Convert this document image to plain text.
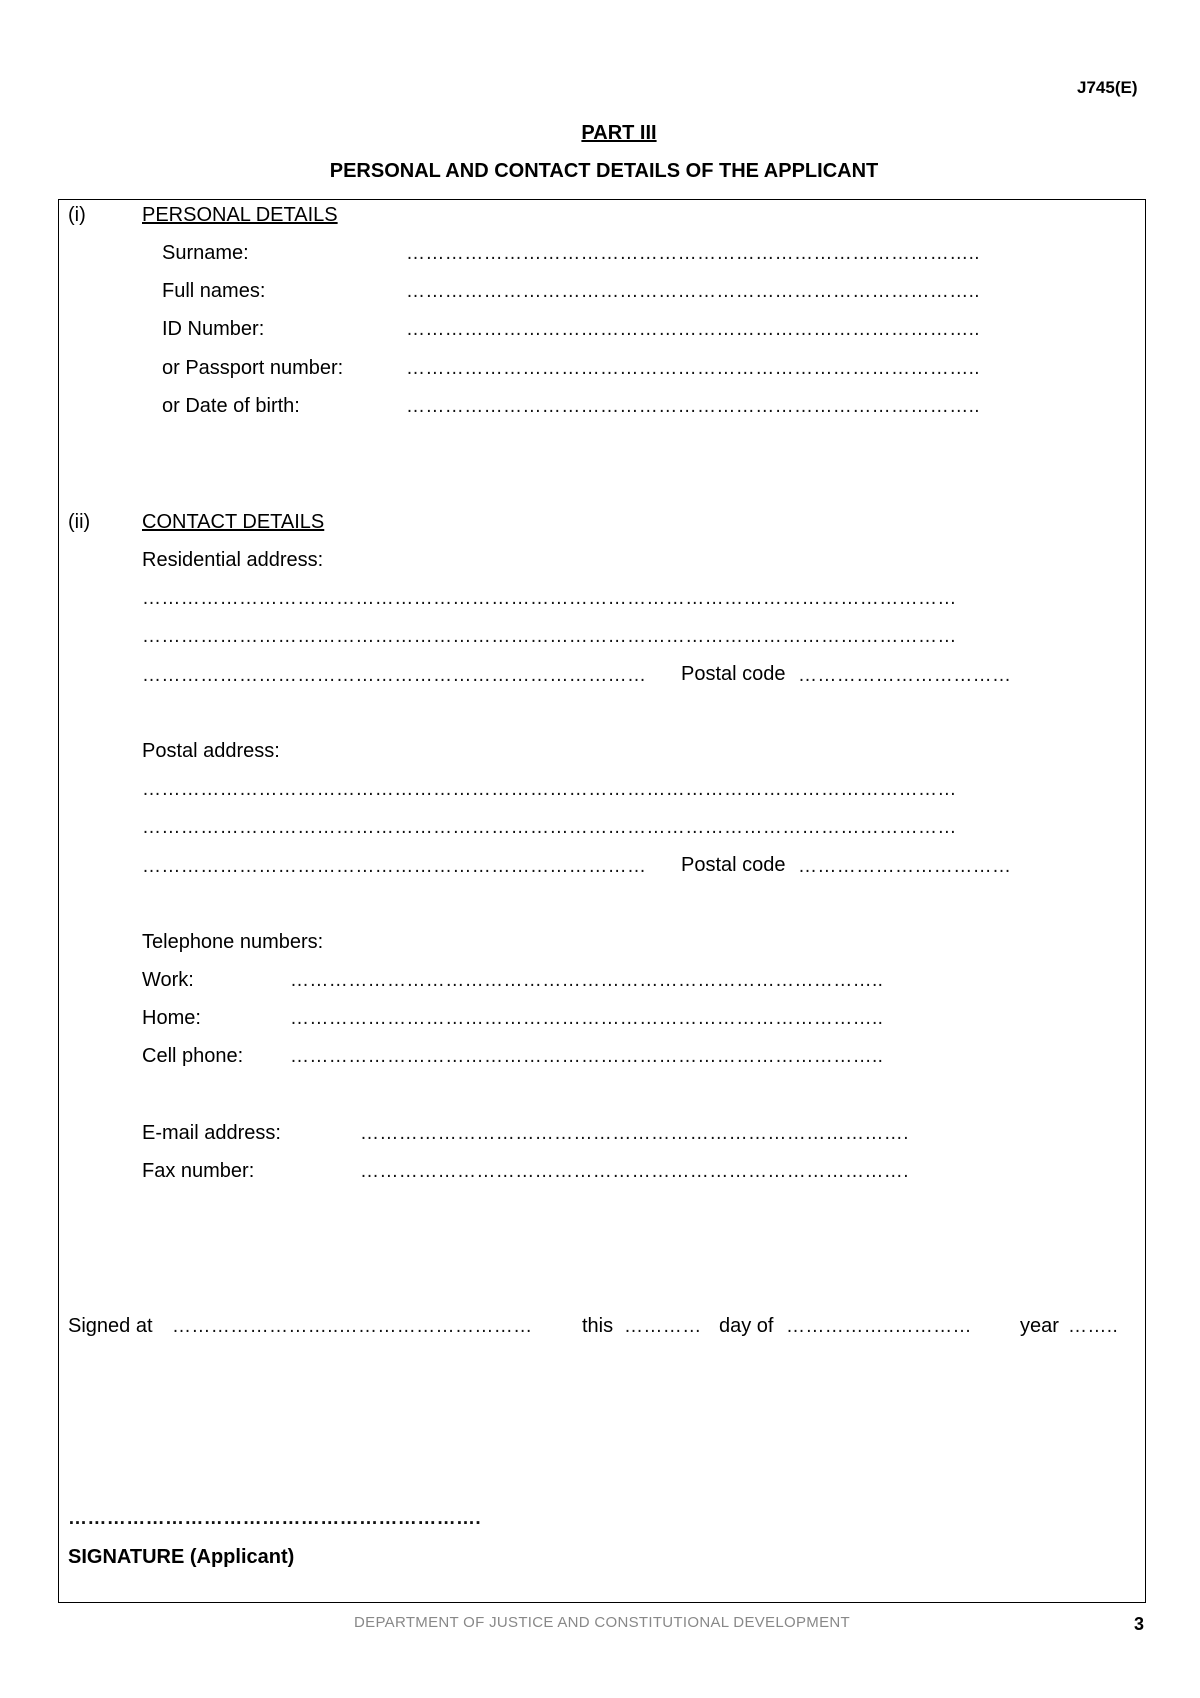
J745(E)
PART III
PERSONAL AND CONTACT DETAILS OF THE APPLICANT
(i)	PERSONAL DETAILS
Surname:	……………………………………………………………………………..
Full names:	……………………………………………………………………………..
ID Number:	……………………………………………………………………………..
or Passport number:	……………………………………………………………………………..
or Date of birth:	……………………………………………………………………………..
(ii)	CONTACT DETAILS
Residential address:
………………………………………………………………………………………………………………
………………………………………………………………………………………………………………
……………………………………………………………………	Postal code ……………………………
Postal address:
………………………………………………………………………………………………………………
………………………………………………………………………………………………………………
……………………………………………………………………	Postal code ……………………………
Telephone numbers:
Work:	………………………………………………………………………………..
Home:	………………………………………………………………………………..
Cell phone: ………………………………………………………………………………..
E-mail address:	………………………………………………………………………….
Fax number:	………………………………………………………………………….
Signed at ……………………..…………………………	this ………… day of ……………..…………	year ……..
……………………………………………………….
SIGNATURE (Applicant)
DEPARTMENT OF JUSTICE AND CONSTITUTIONAL DEVELOPMENT	3
